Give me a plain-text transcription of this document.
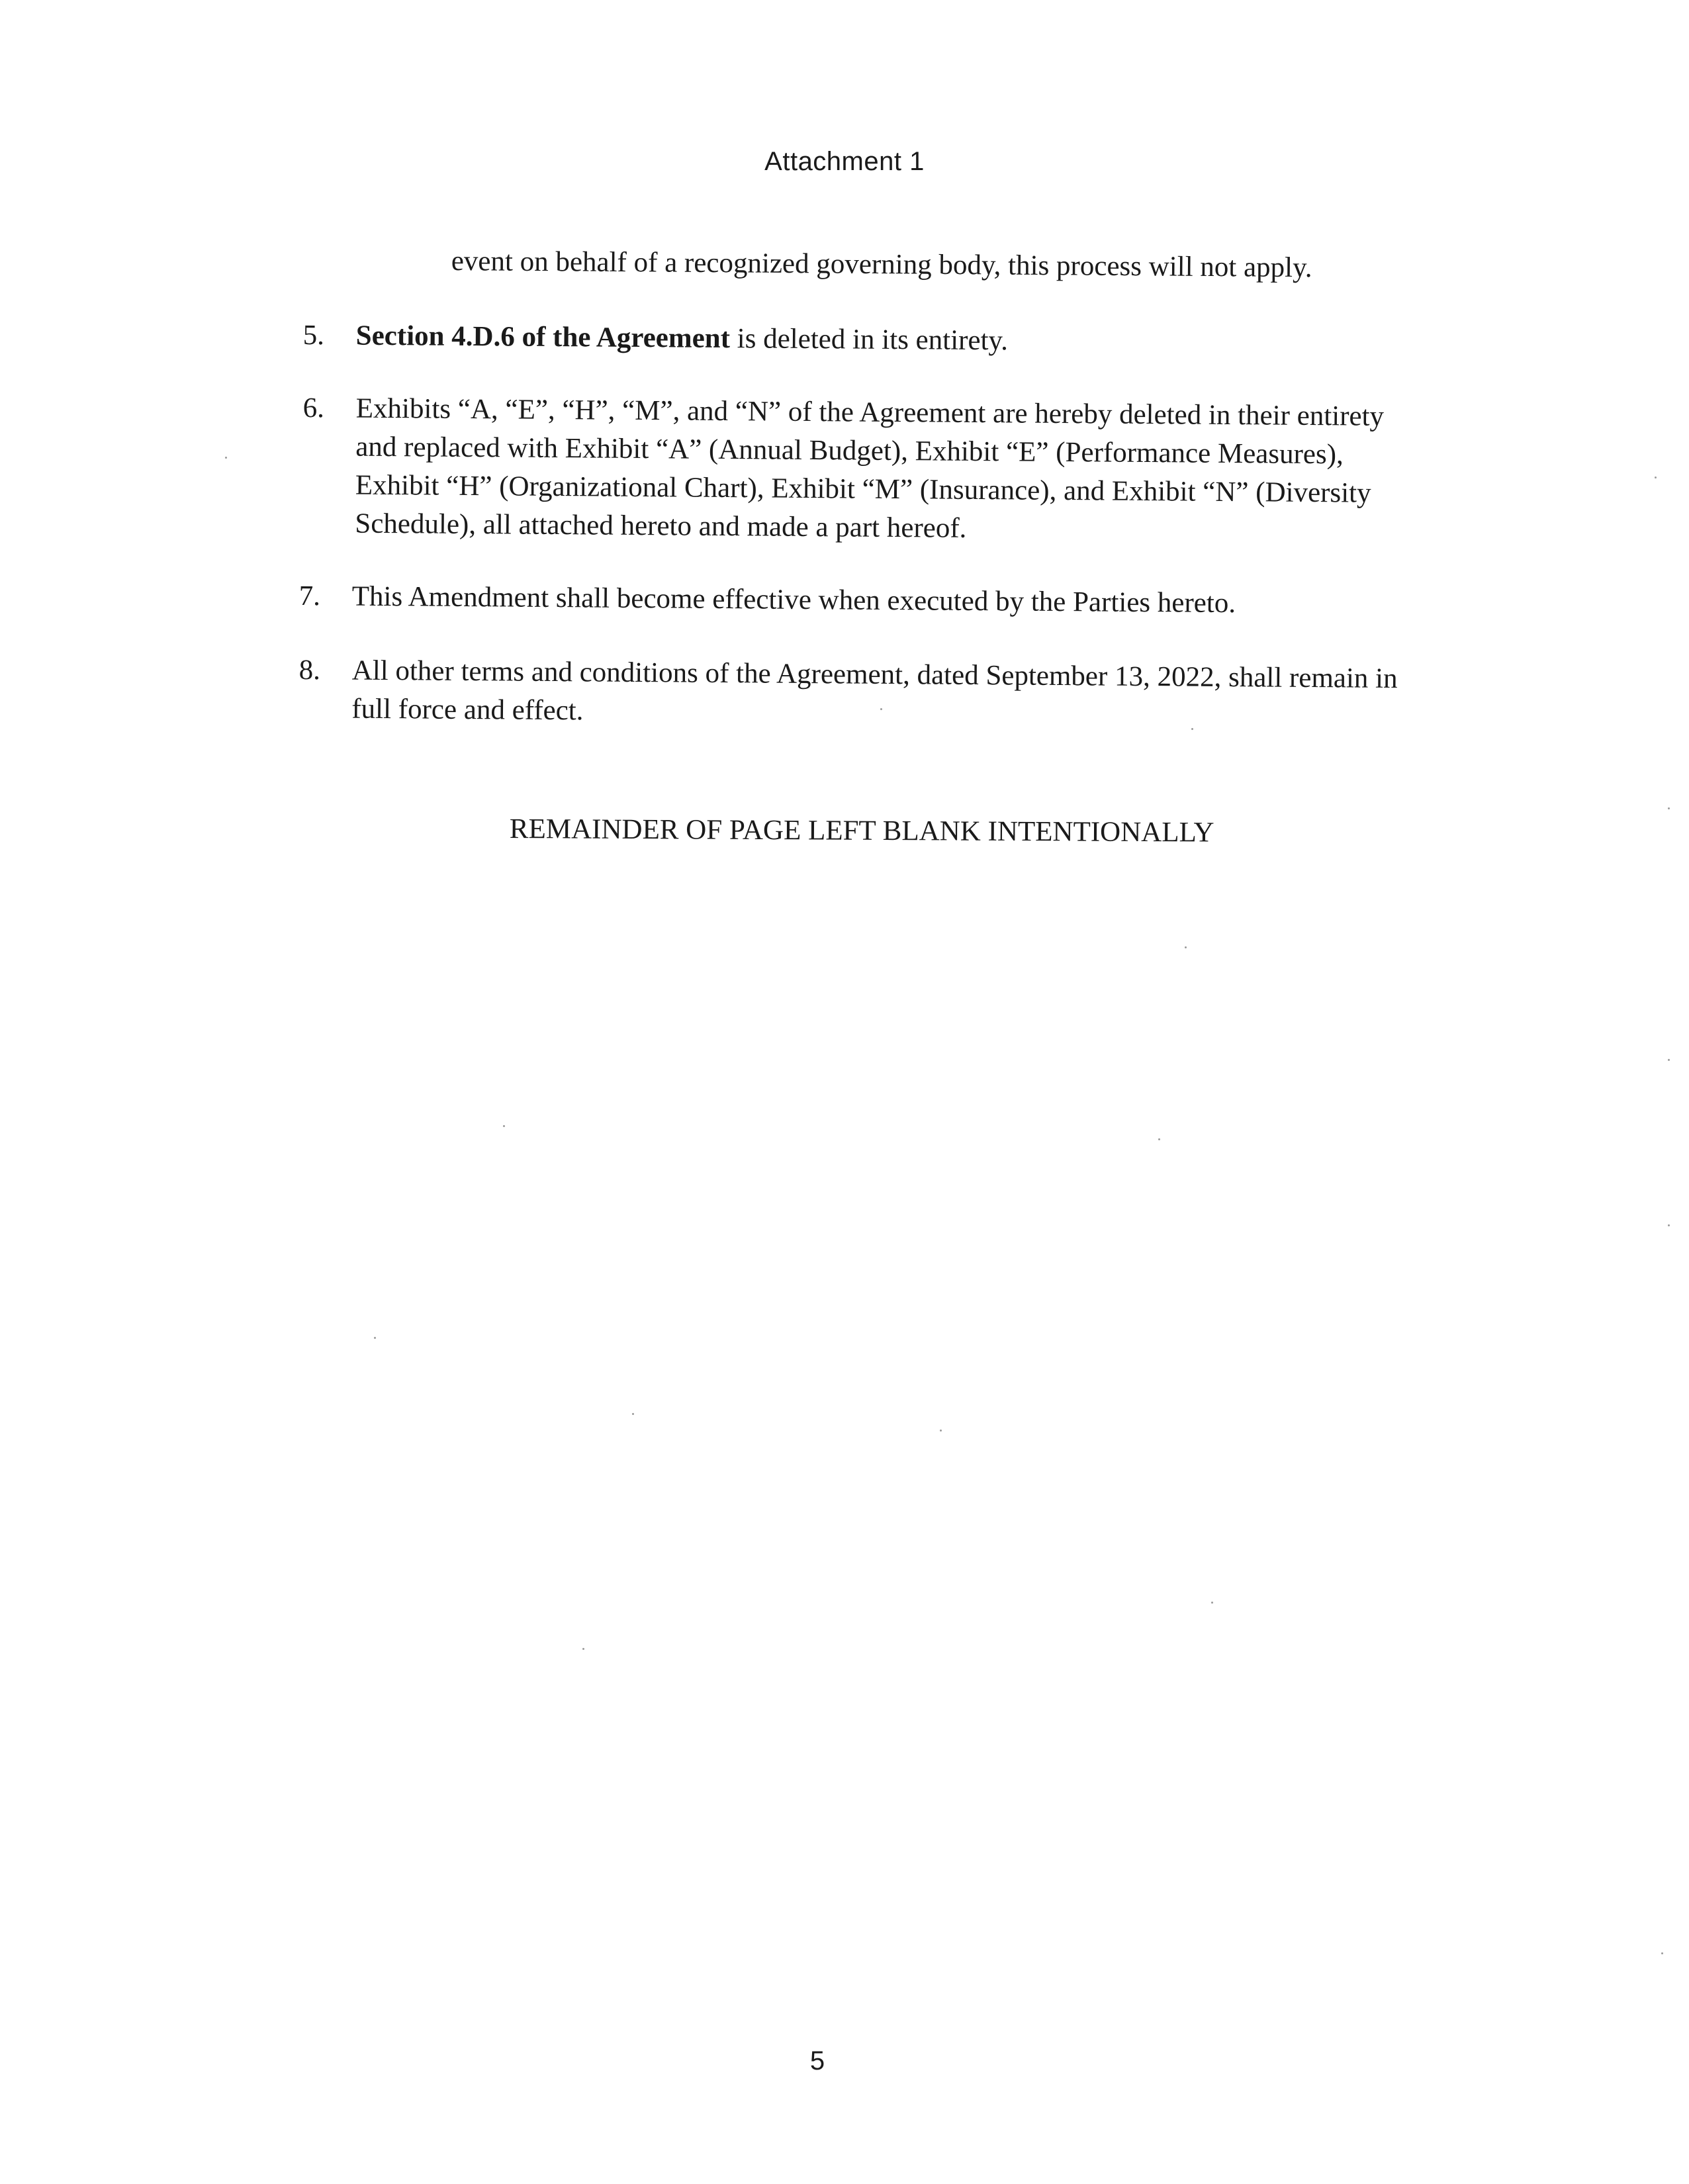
Attachment 1
event on behalf of a recognized governing body, this process will not apply.
5.	Section 4.D.6 of the Agreement is deleted in its entirety.
6.	Exhibits “A, “E”, “H”, “M”, and “N” of the Agreement are hereby deleted in their entirety
and replaced with Exhibit “A” (Annual Budget), Exhibit “E” (Performance Measures),
Exhibit “H” (Organizational Chart), Exhibit “M” (Insurance), and Exhibit “N” (Diversity
Schedule), all attached hereto and made a part hereof.
7.	This Amendment shall become effective when executed by the Parties hereto.
8.	All other terms and conditions of the Agreement, dated September 13, 2022, shall remain in
full force and effect.
REMAINDER OF PAGE LEFT BLANK INTENTIONALLY
5
